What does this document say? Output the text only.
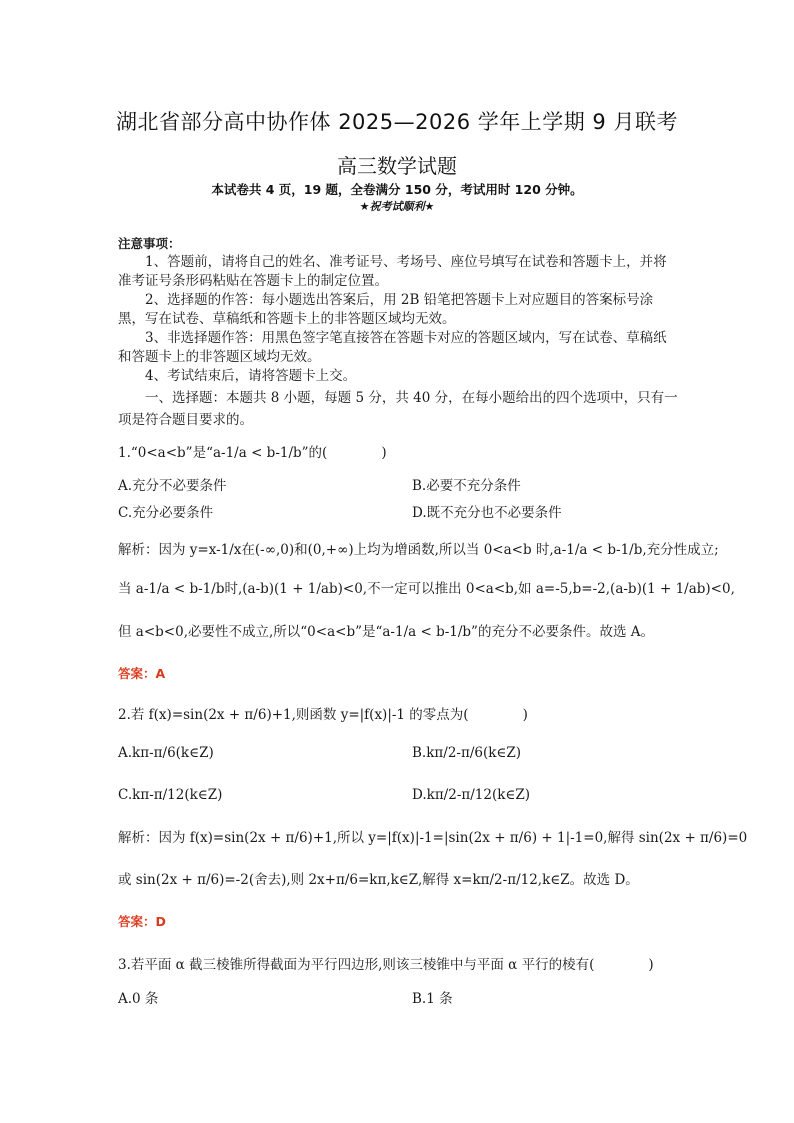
湖北省部分高中协作体 2025—2026 学年上学期 9 月联考
高三数学试题
本试卷共 4 页，19 题，全卷满分 150 分，考试用时 120 分钟。
★祝考试顺利★
注意事项：
1、答题前，请将自己的姓名、准考证号、考场号、座位号填写在试卷和答题卡上，并将准考证号条形码粘贴在答题卡上的制定位置。
2、选择题的作答：每小题选出答案后，用 2B 铅笔把答题卡上对应题目的答案标号涂黑，写在试卷、草稿纸和答题卡上的非答题区域均无效。
3、非选择题作答：用黑色签字笔直接答在答题卡对应的答题区域内，写在试卷、草稿纸和答题卡上的非答题区域均无效。
4、考试结束后，请将答题卡上交。
一、选择题：本题共 8 小题，每题 5 分，共 40 分，在每小题给出的四个选项中，只有一项是符合题目要求的。
1.“0<a<b”是“a-1/a < b-1/b”的(　　　　)
A.充分不必要条件	B.必要不充分条件
C.充分必要条件	D.既不充分也不必要条件
解析：因为 y=x-1/x在(-∞,0)和(0,+∞)上均为增函数,所以当 0<a<b 时,a-1/a < b-1/b,充分性成立;
当 a-1/a < b-1/b时,(a-b)(1 + 1/ab)<0,不一定可以推出 0<a<b,如 a=-5,b=-2,(a-b)(1 + 1/ab)<0,
但 a<b<0,必要性不成立,所以“0<a<b”是“a-1/a < b-1/b”的充分不必要条件。故选 A。
答案：A
2.若 f(x)=sin(2x + π/6)+1,则函数 y=|f(x)|-1 的零点为(　　　　)
A.kπ-π/6(k∈Z)	B.kπ/2-π/6(k∈Z)
C.kπ-π/12(k∈Z)	D.kπ/2-π/12(k∈Z)
解析：因为 f(x)=sin(2x + π/6)+1,所以 y=|f(x)|-1=|sin(2x + π/6) + 1|-1=0,解得 sin(2x + π/6)=0
或 sin(2x + π/6)=-2(舍去),则 2x+π/6=kπ,k∈Z,解得 x=kπ/2-π/12,k∈Z。故选 D。
答案：D
3.若平面 α 截三棱锥所得截面为平行四边形,则该三棱锥中与平面 α 平行的棱有(　　　　)
A.0 条	B.1 条
